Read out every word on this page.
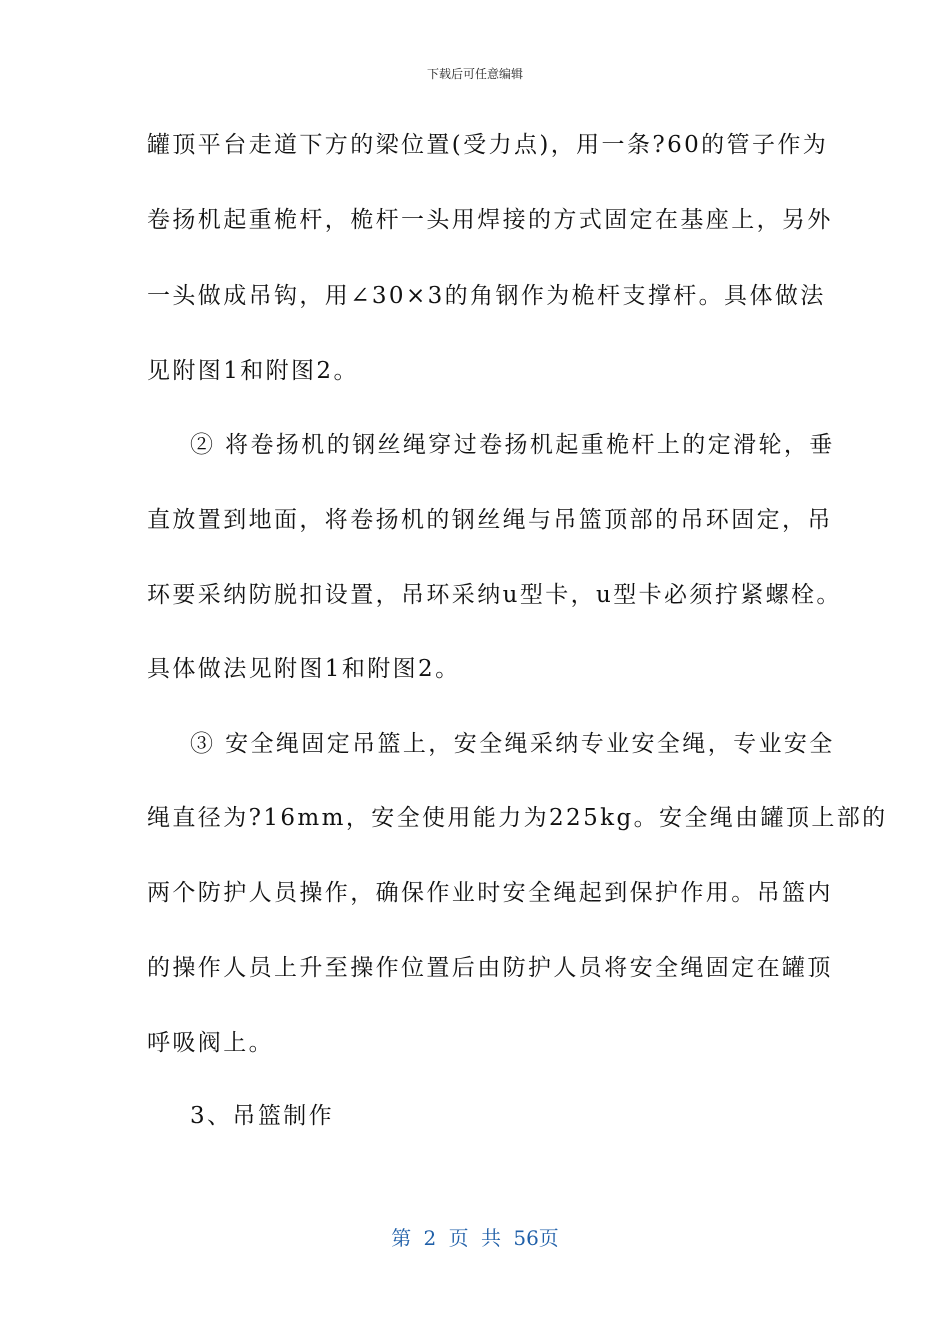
下载后可任意编辑
罐顶平台走道下方的梁位置(受力点)，用一条?60的管子作为
卷扬机起重桅杆，桅杆一头用焊接的方式固定在基座上，另外
一头做成吊钩，用∠30×3的角钢作为桅杆支撑杆。具体做法
见附图1和附图2。
② 将卷扬机的钢丝绳穿过卷扬机起重桅杆上的定滑轮，垂
直放置到地面，将卷扬机的钢丝绳与吊篮顶部的吊环固定，吊
环要采纳防脱扣设置，吊环采纳u型卡，u型卡必须拧紧螺栓。
具体做法见附图1和附图2。
③ 安全绳固定吊篮上，安全绳采纳专业安全绳，专业安全
绳直径为?16mm，安全使用能力为225kg。安全绳由罐顶上部的
两个防护人员操作，确保作业时安全绳起到保护作用。吊篮内
的操作人员上升至操作位置后由防护人员将安全绳固定在罐顶
呼吸阀上。
3、吊篮制作
第 2 页 共 56页
